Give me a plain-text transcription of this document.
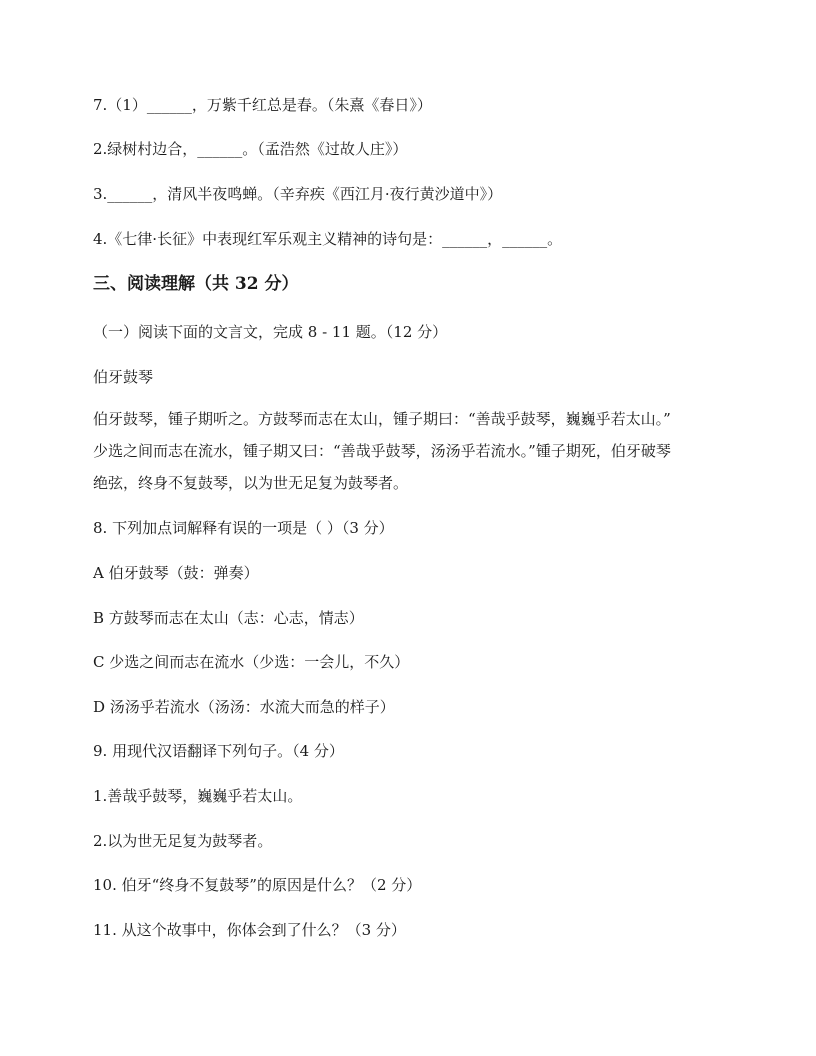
7.（1）______，万紫千红总是春。（朱熹《春日》）
2.绿树村边合，______。（孟浩然《过故人庄》）
3.______，清风半夜鸣蝉。（辛弃疾《西江月·夜行黄沙道中》）
4.《七律·长征》中表现红军乐观主义精神的诗句是：______，______。
三、阅读理解（共 32 分）
（一）阅读下面的文言文，完成 8 - 11 题。（12 分）
伯牙鼓琴
伯牙鼓琴，锺子期听之。方鼓琴而志在太山，锺子期曰：“善哉乎鼓琴，巍巍乎若太山。”
少选之间而志在流水，锺子期又曰：“善哉乎鼓琴，汤汤乎若流水。”锺子期死，伯牙破琴
绝弦，终身不复鼓琴，以为世无足复为鼓琴者。
8. 下列加点词解释有误的一项是（ ）（3 分）
A 伯牙鼓琴（鼓：弹奏）
B 方鼓琴而志在太山（志：心志，情志）
C 少选之间而志在流水（少选：一会儿，不久）
D 汤汤乎若流水（汤汤：水流大而急的样子）
9. 用现代汉语翻译下列句子。（4 分）
1.善哉乎鼓琴，巍巍乎若太山。
2.以为世无足复为鼓琴者。
10. 伯牙“终身不复鼓琴”的原因是什么？（2 分）
11. 从这个故事中，你体会到了什么？（3 分）
